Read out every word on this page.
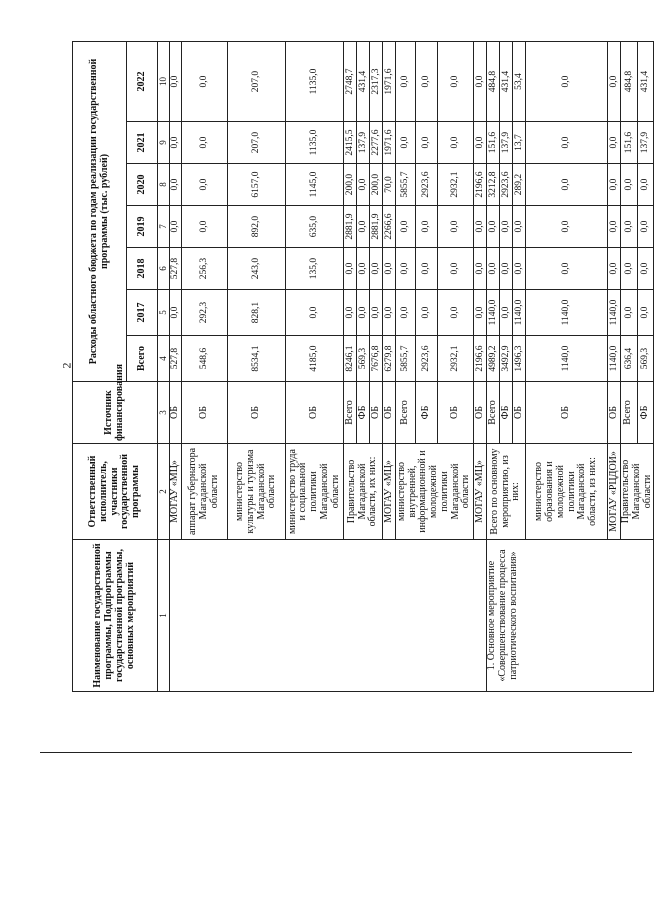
2
Наименование государственной программы, Подпрограммы государственной программы, основных мероприятий	Ответственный исполнитель, участники государственной программы	Источник финансирования	Расходы областного бюджета по годам реализации государственной программы (тыс. рублей)						
			Всего	2017	2018	2019	2020	2021	2022
1	2	3	4	5	6	7	8	9	10
	МОГАУ «МЦ»	ОБ	527,8	0,0	527,8	0,0	0,0	0,0	0,0
	аппарат губернатора Магаданской области	ОБ	548,6	292,3	256,3	0,0	0,0	0,0	0,0
	министерство культуры и туризма Магаданской области	ОБ	8534,1	828,1	243,0	892,0	6157,0	207,0	207,0
	министерство труда и социальной политики Магаданской области	ОБ	4185,0	0,0	135,0	635,0	1145,0	1135,0	1135,0
	Правительство Магаданской области, их них:	Всего	8246,1	0,0	0,0	2881,9	200,0	2415,5	2748,7
		ФБ	569,3	0,0	0,0	0,0	0,0	137,9	431,4
		ОБ	7676,8	0,0	0,0	2881,9	200,0	2277,6	2317,3
	МОГАУ «МЦ»	ОБ	6279,8	0,0	0,0	2266,6	70,0	1971,6	1971,6
	министерство внутренней, информационной и молодежной политики Магаданской области	Всего	5855,7	0,0	0,0	0,0	5855,7	0,0	0,0
		ФБ	2923,6	0,0	0,0	0,0	2923,6	0,0	0,0
		ОБ	2932,1	0,0	0,0	0,0	2932,1	0,0	0,0
	МОГАУ «МЦ»	ОБ	2196,6	0,0	0,0	0,0	2196,6	0,0	0,0
1. Основное мероприятие «Совершенствование процесса патриотического воспитания»	Всего по основному мероприятию, из них:	Всего	4989,2	1140,0	0,0	0,0	3212,8	151,6	484,8
		ФБ	3492,9	0,0	0,0	0,0	2923,6	137,9	431,4
		ОБ	1496,3	1140,0	0,0	0,0	289,2	13,7	53,4
	министерство образования и молодежной политики Магаданской области, из них:	ОБ	1140,0	1140,0	0,0	0,0	0,0	0,0	0,0
	МОГАУ «РЦДОИ»	ОБ	1140,0	1140,0	0,0	0,0	0,0	0,0	0,0
	Правительство Магаданской области	Всего	636,4	0,0	0,0	0,0	0,0	151,6	484,8
		ФБ	569,3	0,0	0,0	0,0	0,0	137,9	431,4
